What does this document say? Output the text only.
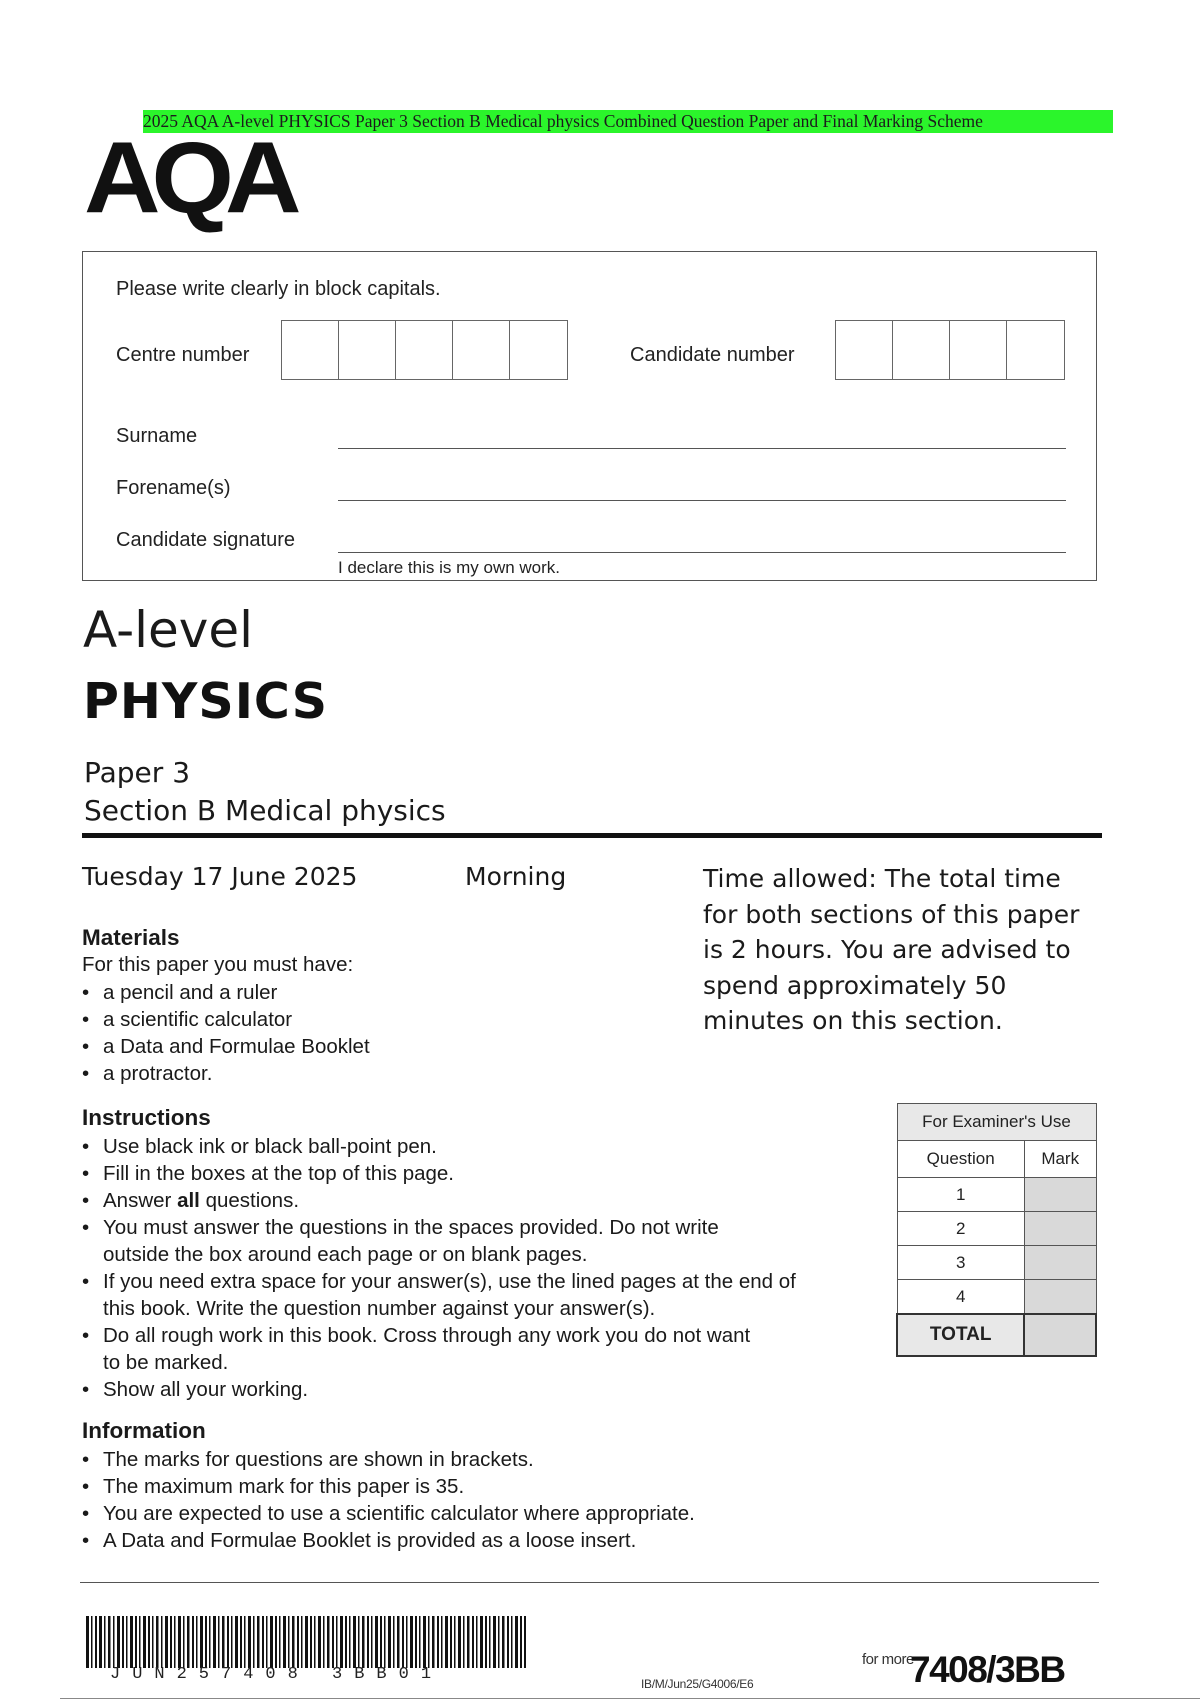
2025 AQA A-level PHYSICS Paper 3 Section B Medical physics Combined Question Paper and Final Marking Scheme
AQA
Please write clearly in block capitals.
Centre number	Candidate number
Surname
Forename(s)
Candidate signature
I declare this is my own work.
A-level
PHYSICS
Paper 3
Section B Medical physics
Tuesday 17 June 2025	Morning	Time allowed: The total time for both sections of this paper is 2 hours. You are advised to spend approximately 50 minutes on this section.
Materials
For this paper you must have:
• a pencil and a ruler
• a scientific calculator
• a Data and Formulae Booklet
• a protractor.
Instructions
• Use black ink or black ball-point pen.
• Fill in the boxes at the top of this page.
• Answer all questions.
• You must answer the questions in the spaces provided. Do not write
outside the box around each page or on blank pages.
• If you need extra space for your answer(s), use the lined pages at the end of
this book. Write the question number against your answer(s).
• Do all rough work in this book. Cross through any work you do not want
to be marked.
• Show all your working.
Information
• The marks for questions are shown in brackets.
• The maximum mark for this paper is 35.
• You are expected to use a scientific calculator where appropriate.
• A Data and Formulae Booklet is provided as a loose insert.
For Examiner's Use	
Question	Mark
1	
2	
3	
4	
TOTAL	
JUN257408 3BB01	IB/M/Jun25/G4006/E6
for more
7408/3BB
